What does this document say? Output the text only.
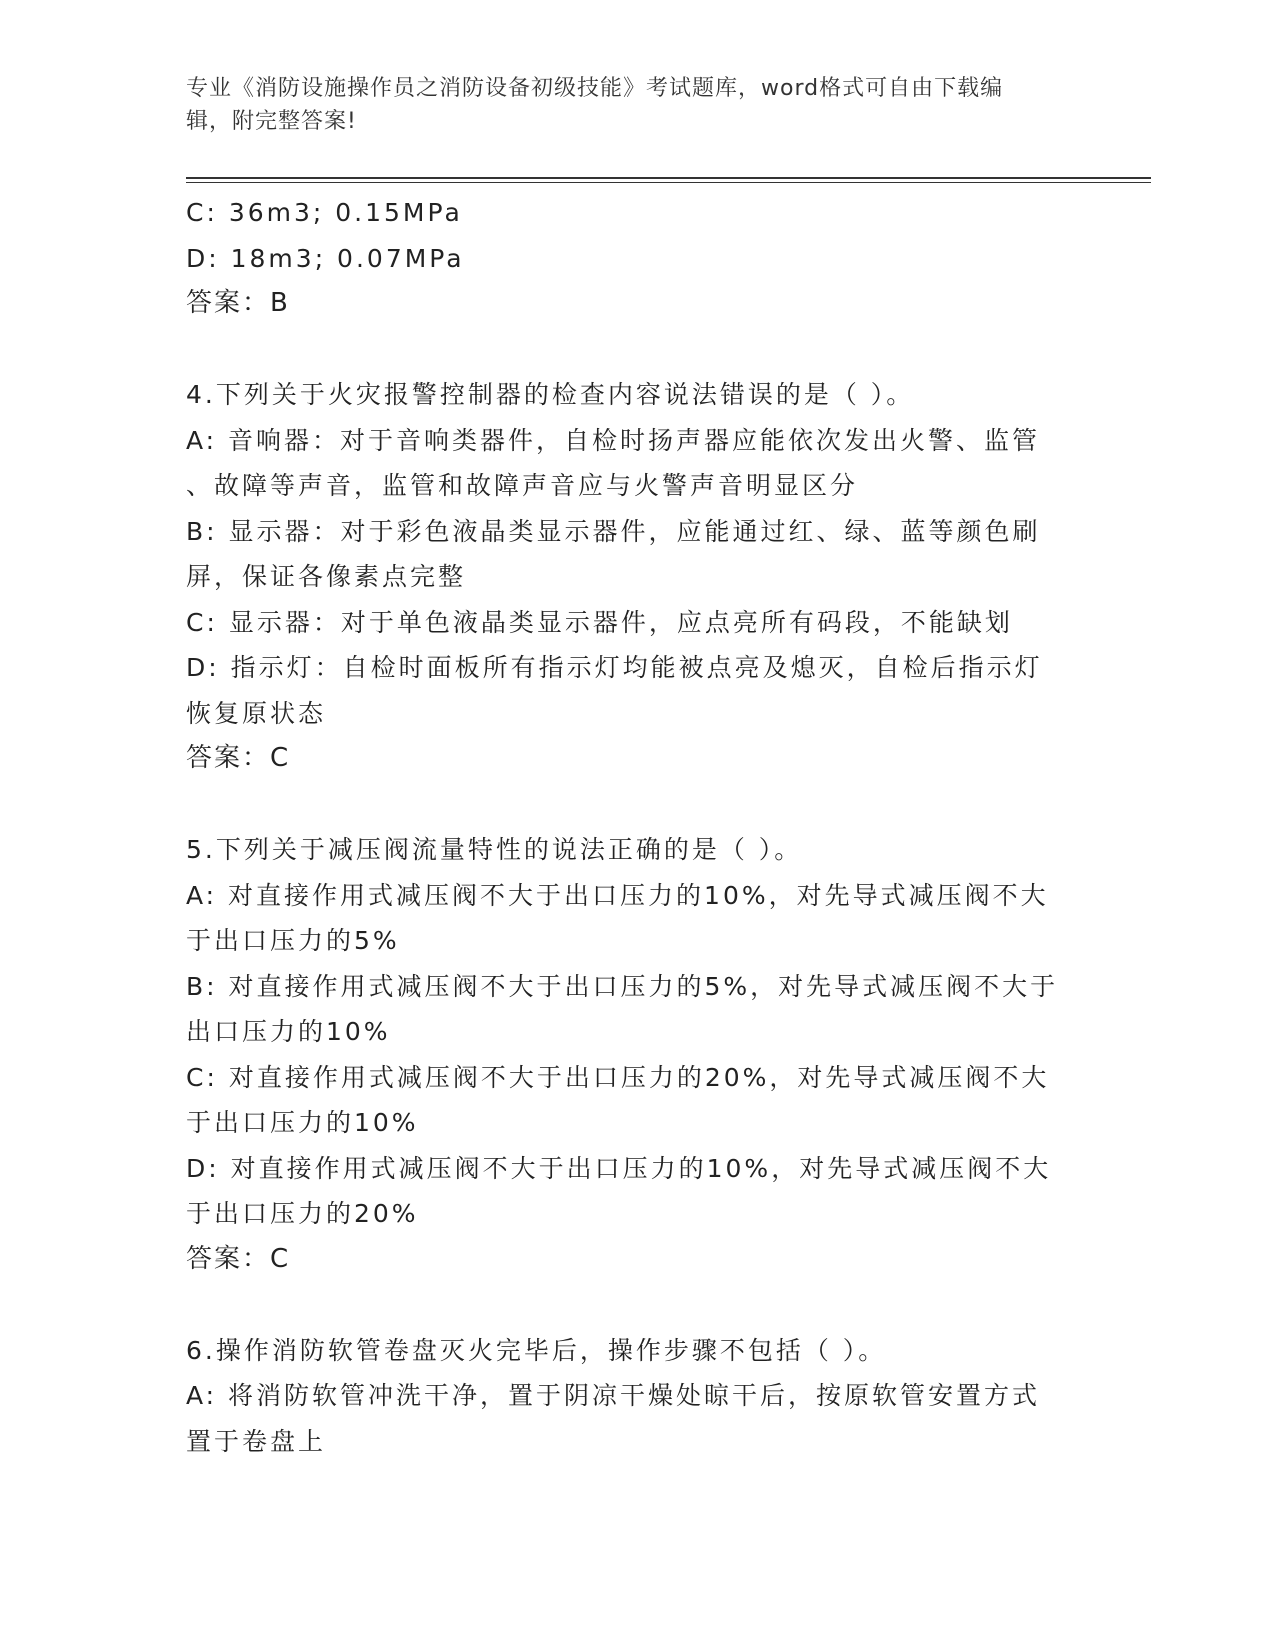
专业《消防设施操作员之消防设备初级技能》考试题库，word格式可自由下载编
辑，附完整答案!
C: 36m3; 0.15MPa
D: 18m3; 0.07MPa
答案：B
4.下列关于火灾报警控制器的检查内容说法错误的是（ ）。
A: 音响器：对于音响类器件，自检时扬声器应能依次发出火警、监管
、故障等声音，监管和故障声音应与火警声音明显区分
B: 显示器：对于彩色液晶类显示器件，应能通过红、绿、蓝等颜色刷
屏，保证各像素点完整
C: 显示器：对于单色液晶类显示器件，应点亮所有码段，不能缺划
D: 指示灯：自检时面板所有指示灯均能被点亮及熄灭，自检后指示灯
恢复原状态
答案：C
5.下列关于减压阀流量特性的说法正确的是（ ）。
A: 对直接作用式减压阀不大于出口压力的10%，对先导式减压阀不大
于出口压力的5%
B: 对直接作用式减压阀不大于出口压力的5%，对先导式减压阀不大于
出口压力的10%
C: 对直接作用式减压阀不大于出口压力的20%，对先导式减压阀不大
于出口压力的10%
D: 对直接作用式减压阀不大于出口压力的10%，对先导式减压阀不大
于出口压力的20%
答案：C
6.操作消防软管卷盘灭火完毕后，操作步骤不包括（ ）。
A: 将消防软管冲洗干净，置于阴凉干燥处晾干后，按原软管安置方式
置于卷盘上
